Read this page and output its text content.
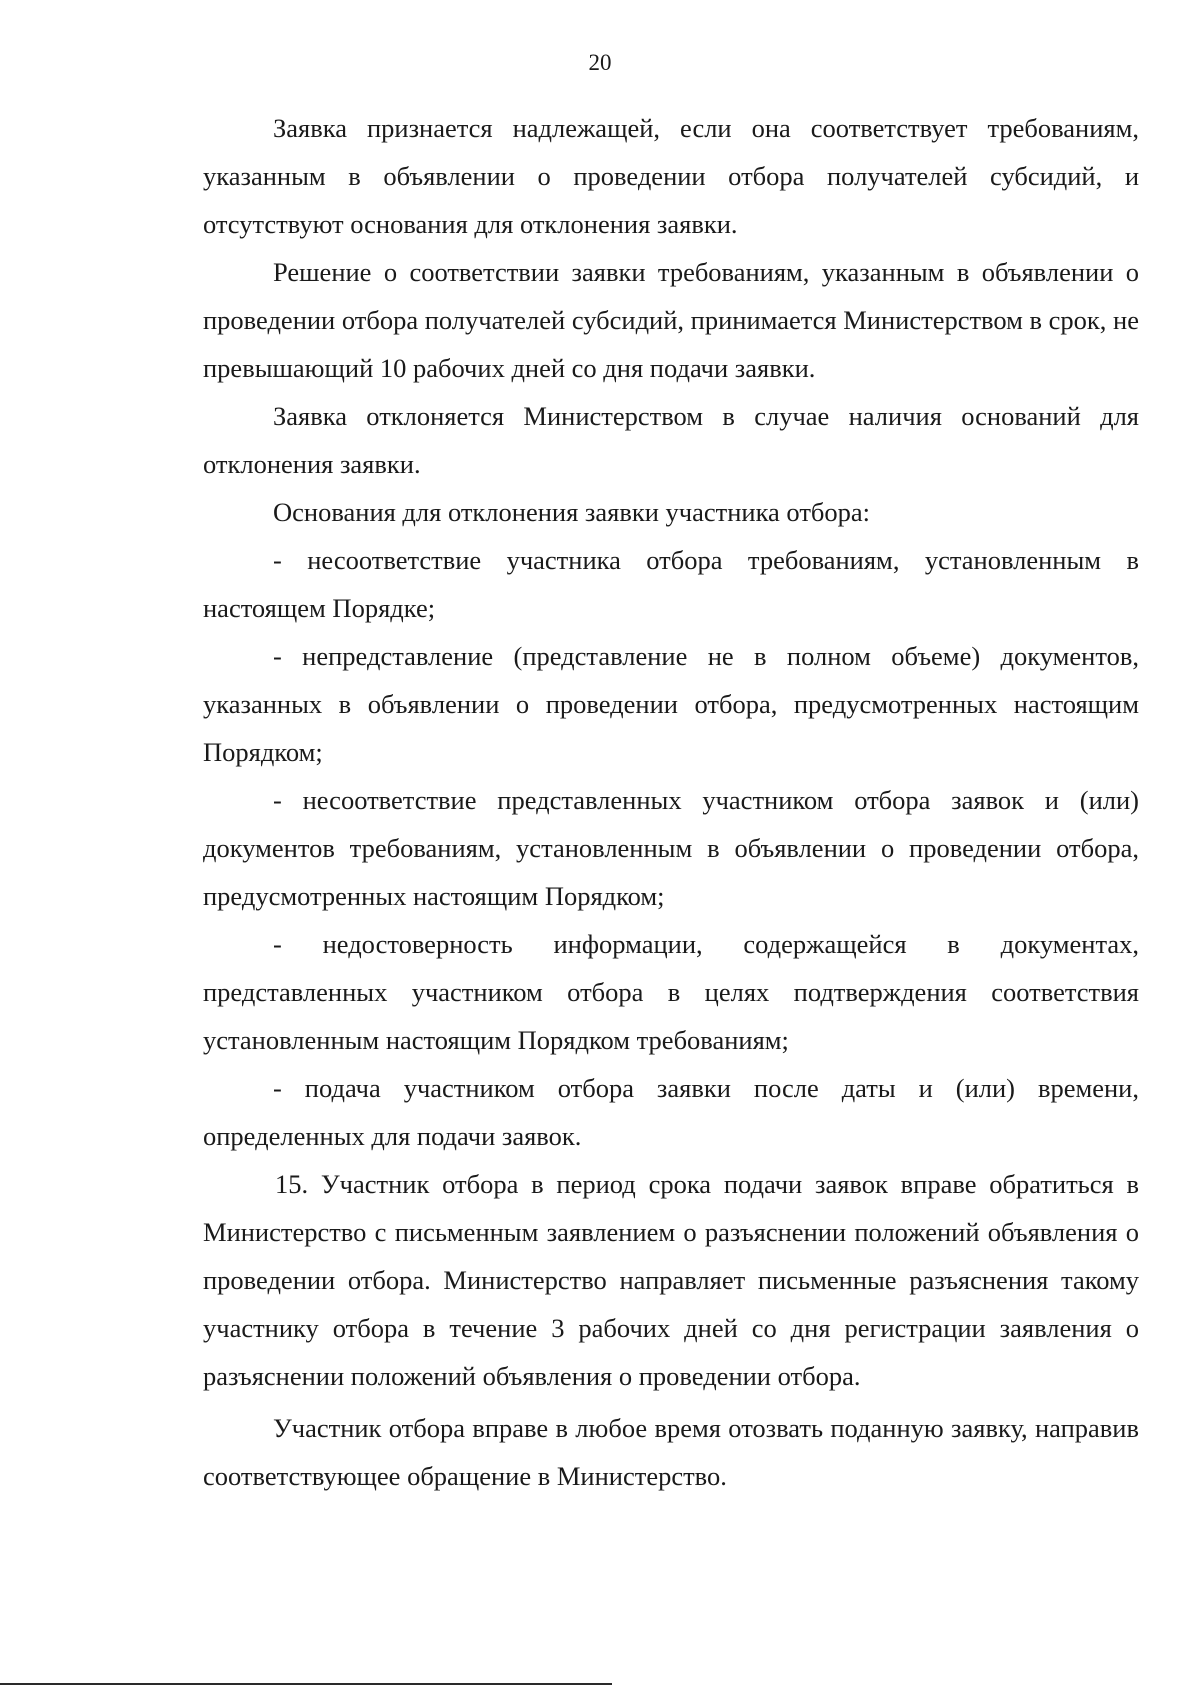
20

Заявка признается надлежащей, если она соответствует требованиям, указанным в объявлении о проведении отбора получателей субсидий, и отсутствуют основания для отклонения заявки.

Решение о соответствии заявки требованиям, указанным в объявлении о проведении отбора получателей субсидий, принимается Министерством в срок, не превышающий 10 рабочих дней со дня подачи заявки.

Заявка отклоняется Министерством в случае наличия оснований для отклонения заявки.

Основания для отклонения заявки участника отбора:

- несоответствие участника отбора требованиям, установленным в настоящем Порядке;

- непредставление (представление не в полном объеме) документов, указанных в объявлении о проведении отбора, предусмотренных настоящим Порядком;

- несоответствие представленных участником отбора заявок и (или) документов требованиям, установленным в объявлении о проведении отбора, предусмотренных настоящим Порядком;

- недостоверность информации, содержащейся в документах, представленных участником отбора в целях подтверждения соответствия установленным настоящим Порядком требованиям;

- подача участником отбора заявки после даты и (или) времени, определенных для подачи заявок.

15. Участник отбора в период срока подачи заявок вправе обратиться в Министерство с письменным заявлением о разъяснении положений объявления о проведении отбора. Министерство направляет письменные разъяснения такому участнику отбора в течение 3 рабочих дней со дня регистрации заявления о разъяснении положений объявления о проведении отбора.

Участник отбора вправе в любое время отозвать поданную заявку, направив соответствующее обращение в Министерство.
